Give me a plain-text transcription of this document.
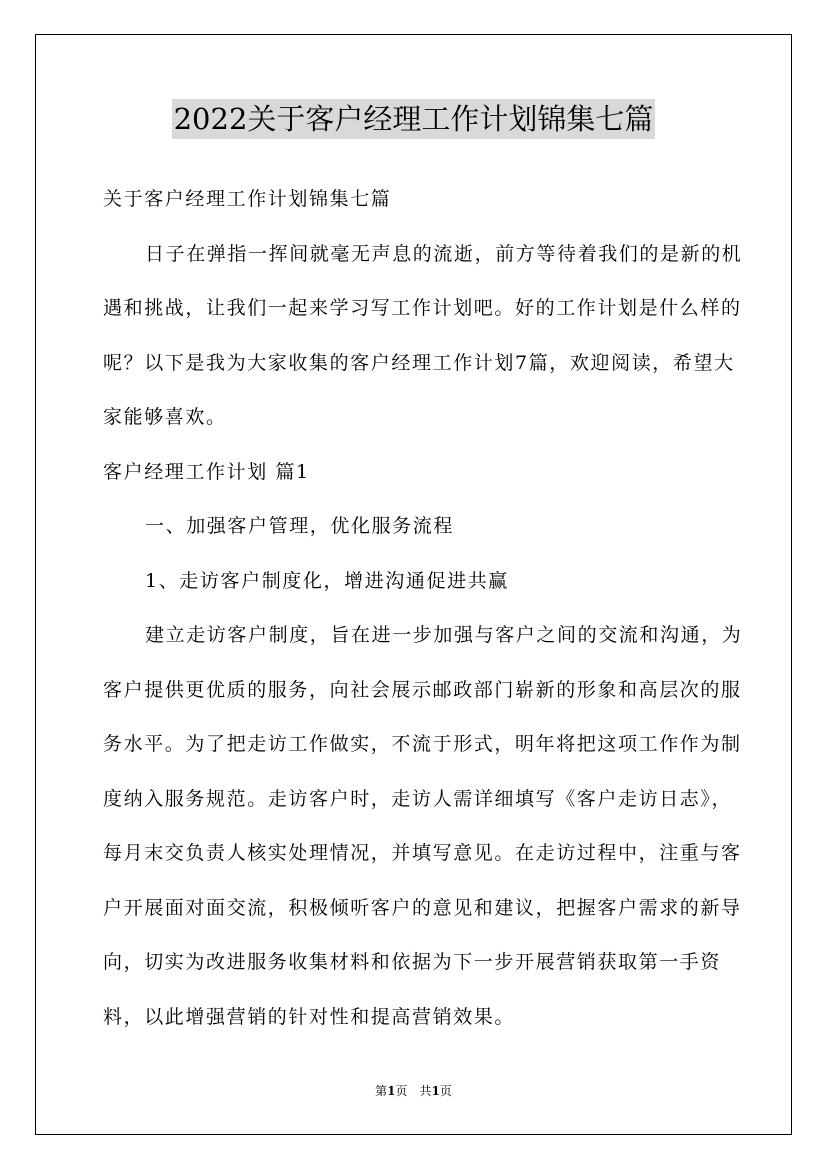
2022关于客户经理工作计划锦集七篇

关于客户经理工作计划锦集七篇

日子在弹指一挥间就毫无声息的流逝，前方等待着我们的是新的机遇和挑战，让我们一起来学习写工作计划吧。好的工作计划是什么样的呢？以下是我为大家收集的客户经理工作计划7篇，欢迎阅读，希望大家能够喜欢。

客户经理工作计划 篇1

一、加强客户管理，优化服务流程

1、走访客户制度化，增进沟通促进共赢

建立走访客户制度，旨在进一步加强与客户之间的交流和沟通，为客户提供更优质的服务，向社会展示邮政部门崭新的形象和高层次的服务水平。为了把走访工作做实，不流于形式，明年将把这项工作作为制度纳入服务规范。走访客户时，走访人需详细填写《客户走访日志》，每月末交负责人核实处理情况，并填写意见。在走访过程中，注重与客户开展面对面交流，积极倾听客户的意见和建议，把握客户需求的新导向，切实为改进服务收集材料和依据为下一步开展营销获取第一手资料，以此增强营销的针对性和提高营销效果。

第1页　共1页
